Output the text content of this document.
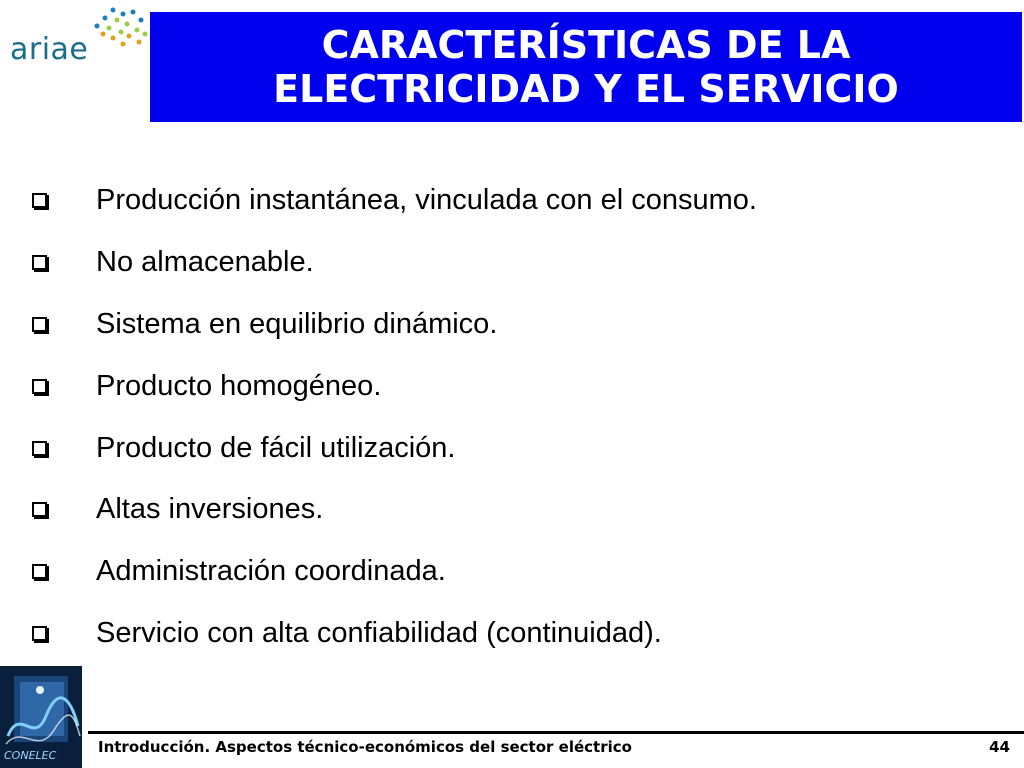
ariae	CARACTERÍSTICAS DE LA
ELECTRICIDAD Y EL SERVICIO
Producción instantánea, vinculada con el consumo.
No almacenable.
Sistema en equilibrio dinámico.
Producto homogéneo.
Producto de fácil utilización.
Altas inversiones.
Administración coordinada.
Servicio con alta confiabilidad (continuidad).
CONELEC	Introducción. Aspectos técnico-económicos del sector eléctrico	44
